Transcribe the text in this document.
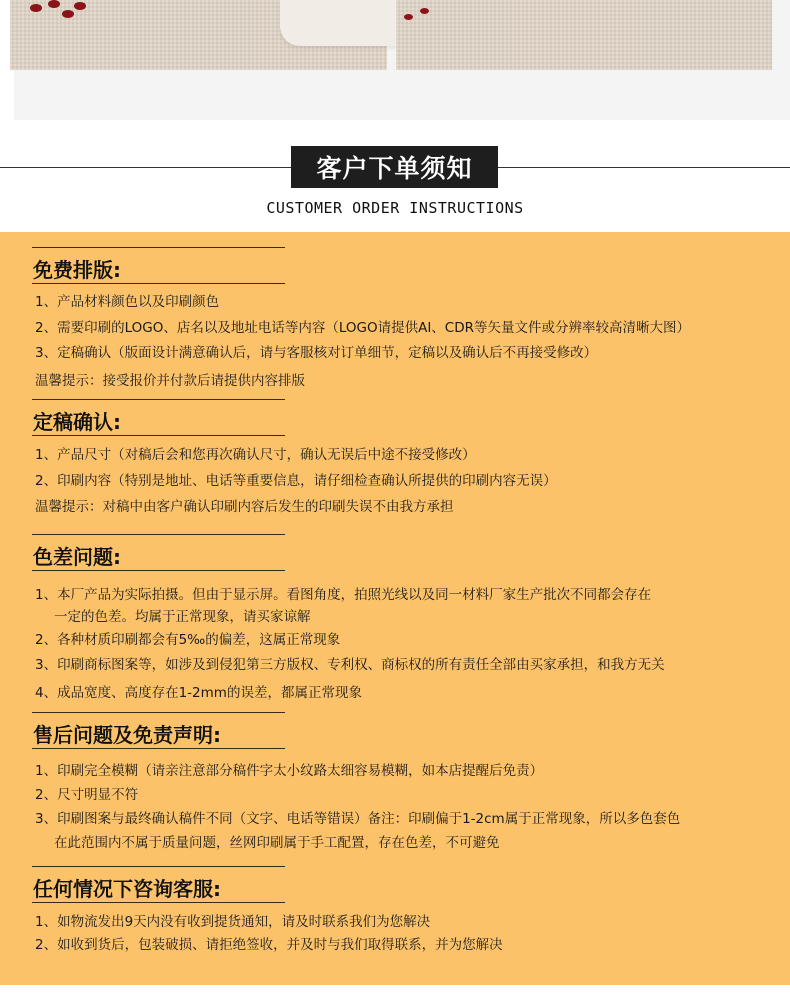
客户下单须知
CUSTOMER ORDER INSTRUCTIONS
免费排版:
1、产品材料颜色以及印刷颜色
2、需要印刷的LOGO、店名以及地址电话等内容（LOGO请提供AI、CDR等矢量文件或分辨率较高清晰大图）
3、定稿确认（版面设计满意确认后，请与客服核对订单细节，定稿以及确认后不再接受修改）
温馨提示：接受报价并付款后请提供内容排版
定稿确认:
1、产品尺寸（对稿后会和您再次确认尺寸，确认无误后中途不接受修改）
2、印刷内容（特别是地址、电话等重要信息，请仔细检查确认所提供的印刷内容无误）
温馨提示：对稿中由客户确认印刷内容后发生的印刷失误不由我方承担
色差问题:
1、本厂产品为实际拍摄。但由于显示屏。看图角度，拍照光线以及同一材料厂家生产批次不同都会存在
一定的色差。均属于正常现象，请买家谅解
2、各种材质印刷都会有5‰的偏差，这属正常现象
3、印刷商标图案等，如涉及到侵犯第三方版权、专利权、商标权的所有责任全部由买家承担，和我方无关
4、成品宽度、高度存在1-2mm的误差，都属正常现象
售后问题及免责声明:
1、印刷完全模糊（请亲注意部分稿件字太小纹路太细容易模糊，如本店提醒后免责）
2、尺寸明显不符
3、印刷图案与最终确认稿件不同（文字、电话等错误）备注：印刷偏于1-2cm属于正常现象，所以多色套色
在此范围内不属于质量问题，丝网印刷属于手工配置，存在色差，不可避免
任何情况下咨询客服:
1、如物流发出9天内没有收到提货通知，请及时联系我们为您解决
2、如收到货后，包装破损、请拒绝签收，并及时与我们取得联系，并为您解决
